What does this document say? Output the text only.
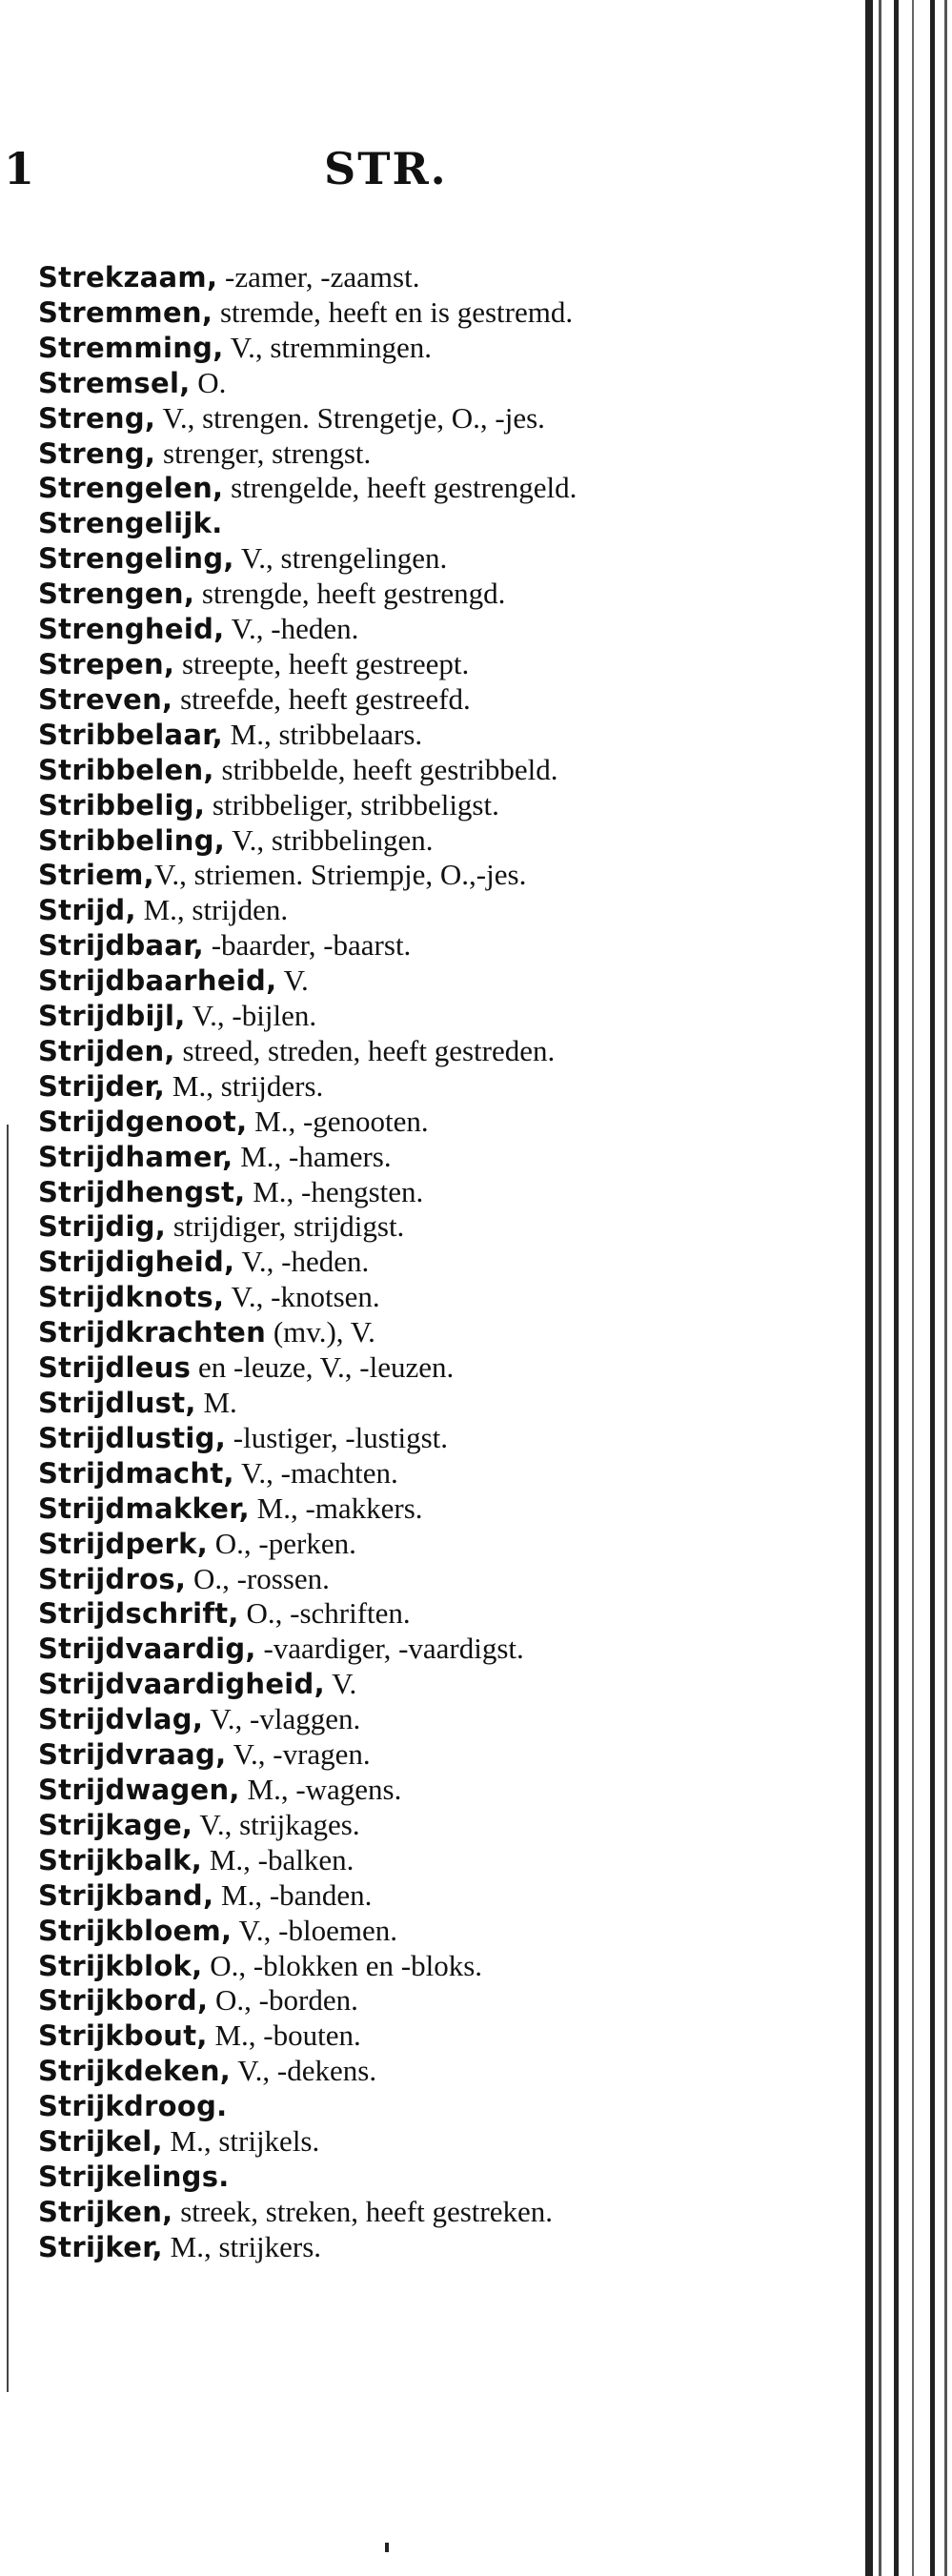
1	STR.
Strekzaam, -zamer, -zaamst.
Stremmen, stremde, heeft en is gestremd.
Stremming, V., stremmingen.
Stremsel, O.
Streng, V., strengen. Strengetje, O., -jes.
Streng, strenger, strengst.
Strengelen, strengelde, heeft gestrengeld.
Strengelijk.
Strengeling, V., strengelingen.
Strengen, strengde, heeft gestrengd.
Strengheid, V., -heden.
Strepen, streepte, heeft gestreept.
Streven, streefde, heeft gestreefd.
Stribbelaar, M., stribbelaars.
Stribbelen, stribbelde, heeft gestribbeld.
Stribbelig, stribbeliger, stribbeligst.
Stribbeling, V., stribbelingen.
Striem,V., striemen. Striempje, O.,-jes.
Strijd, M., strijden.
Strijdbaar, -baarder, -baarst.
Strijdbaarheid, V.
Strijdbijl, V., -bijlen.
Strijden, streed, streden, heeft gestreden.
Strijder, M., strijders.
Strijdgenoot, M., -genooten.
Strijdhamer, M., -hamers.
Strijdhengst, M., -hengsten.
Strijdig, strijdiger, strijdigst.
Strijdigheid, V., -heden.
Strijdknots, V., -knotsen.
Strijdkrachten (mv.), V.
Strijdleus en -leuze, V., -leuzen.
Strijdlust, M.
Strijdlustig, -lustiger, -lustigst.
Strijdmacht, V., -machten.
Strijdmakker, M., -makkers.
Strijdperk, O., -perken.
Strijdros, O., -rossen.
Strijdschrift, O., -schriften.
Strijdvaardig, -vaardiger, -vaardigst.
Strijdvaardigheid, V.
Strijdvlag, V., -vlaggen.
Strijdvraag, V., -vragen.
Strijdwagen, M., -wagens.
Strijkage, V., strijkages.
Strijkbalk, M., -balken.
Strijkband, M., -banden.
Strijkbloem, V., -bloemen.
Strijkblok, O., -blokken en -bloks.
Strijkbord, O., -borden.
Strijkbout, M., -bouten.
Strijkdeken, V., -dekens.
Strijkdroog.
Strijkel, M., strijkels.
Strijkelings.
Strijken, streek, streken, heeft gestreken.
Strijker, M., strijkers.
